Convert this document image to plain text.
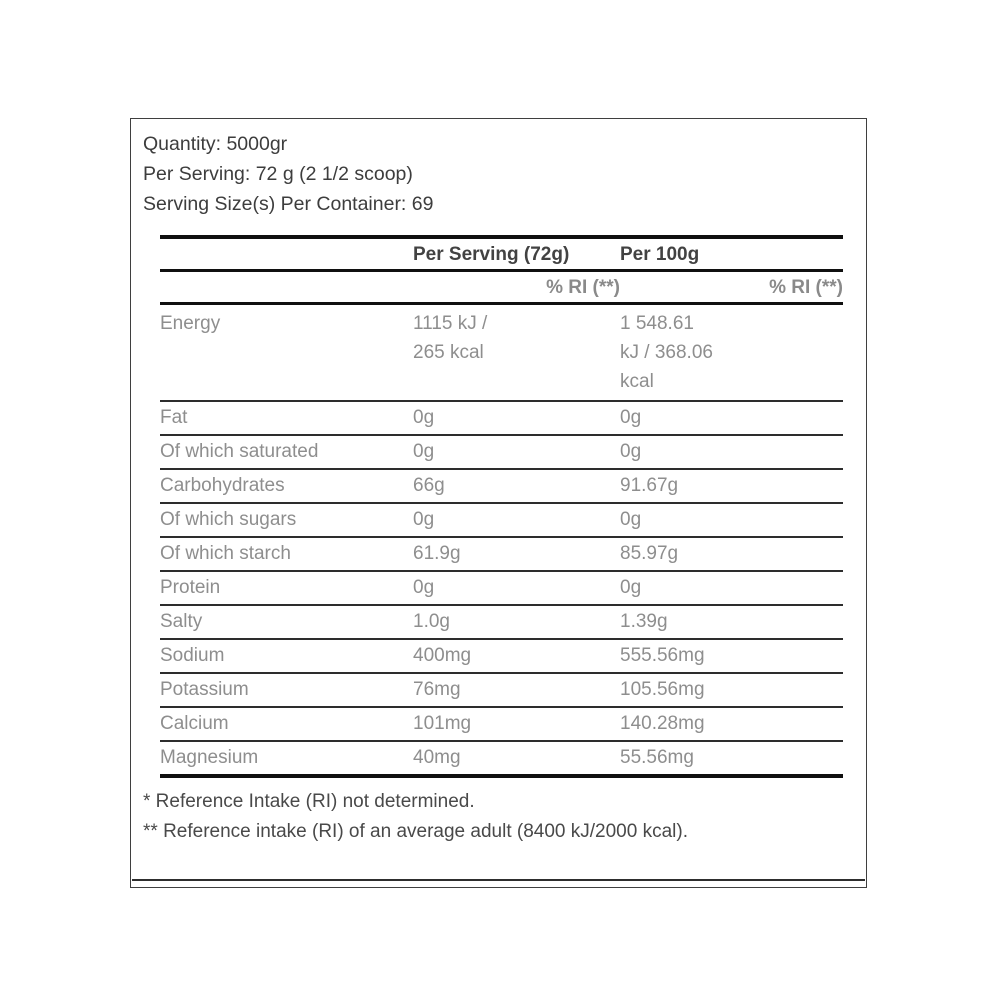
Quantity: 5000gr
Per Serving: 72 g (2 1/2 scoop)
Serving Size(s) Per Container: 69
	Per Serving (72g)		Per 100g	
		% RI (**)		% RI (**)
Energy	1115 kJ / 265 kcal		1 548.61 kJ / 368.06 kcal	
Fat	0g		0g	
Of which saturated	0g		0g	
Carbohydrates	66g		91.67g	
Of which sugars	0g		0g	
Of which starch	61.9g		85.97g	
Protein	0g		0g	
Salty	1.0g		1.39g	
Sodium	400mg		555.56mg	
Potassium	76mg		105.56mg	
Calcium	101mg		140.28mg	
Magnesium	40mg		55.56mg	
* Reference Intake (RI) not determined.
** Reference intake (RI) of an average adult (8400 kJ/2000 kcal).
